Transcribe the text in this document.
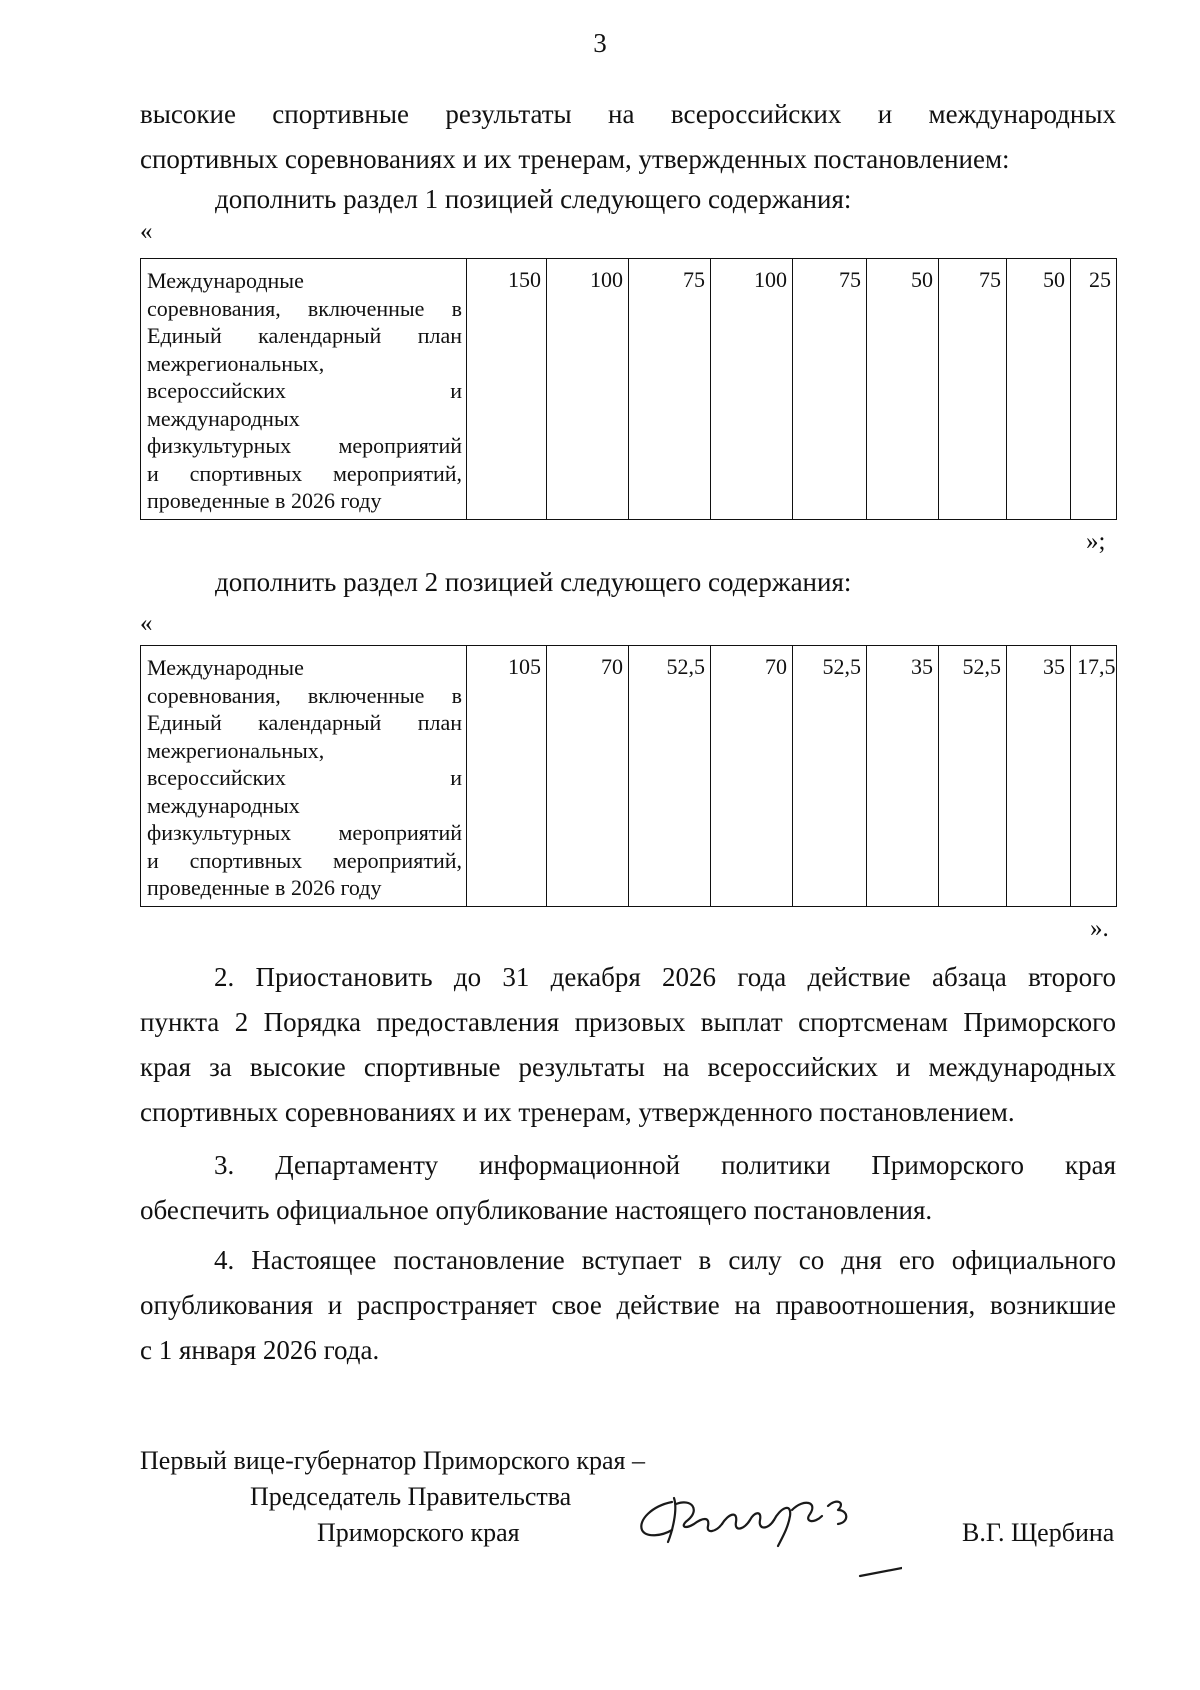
3
высокие спортивные результаты на всероссийских и международных
спортивных соревнованиях и их тренерам, утвержденных постановлением:
дополнить раздел 1 позицией следующего содержания:
«
Международные
соревнования, включенные в
Единый календарный план
межрегиональных,
всероссийских и
международных
физкультурных мероприятий
и спортивных мероприятий,
проведенные в 2026 году
	150	100	75	100	75	50	75	50	25
»;
дополнить раздел 2 позицией следующего содержания:
«
Международные
соревнования, включенные в
Единый календарный план
межрегиональных,
всероссийских и
международных
физкультурных мероприятий
и спортивных мероприятий,
проведенные в 2026 году
	105	70	52,5	70	52,5	35	52,5	35	17,5
».
2. Приостановить до 31 декабря 2026 года действие абзаца второго
пункта 2 Порядка предоставления призовых выплат спортсменам Приморского
края за высокие спортивные результаты на всероссийских и международных
спортивных соревнованиях и их тренерам, утвержденного постановлением.
3. Департаменту информационной политики Приморского края
обеспечить официальное опубликование настоящего постановления.
4. Настоящее постановление вступает в силу со дня его официального
опубликования и распространяет свое действие на правоотношения, возникшие
с 1 января 2026 года.
Первый вице-губернатор Приморского края –
Председатель Правительства
Приморского края	В.Г. Щербина
